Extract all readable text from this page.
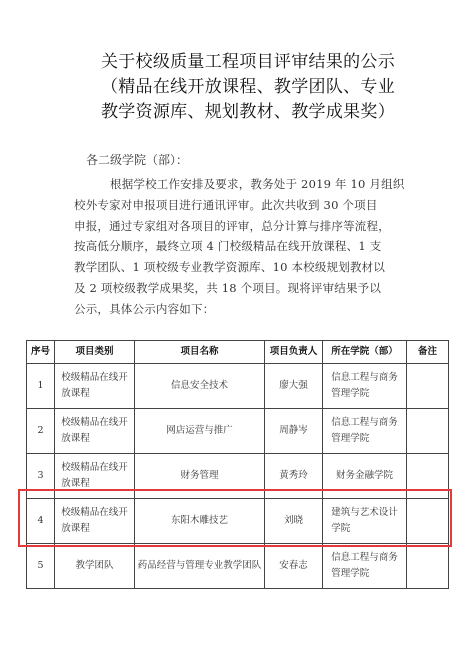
关于校级质量工程项目评审结果的公示
（精品在线开放课程、教学团队、专业
教学资源库、规划教材、教学成果奖）
各二级学院（部）：
根据学校工作安排及要求，教务处于 2019 年 10 月组织
校外专家对申报项目进行通讯评审。此次共收到 30 个项目
申报，通过专家组对各项目的评审，总分计算与排序等流程，
按高低分顺序，最终立项 4 门校级精品在线开放课程、1 支
教学团队、1 项校级专业教学资源库、10 本校级规划教材以
及 2 项校级教学成果奖，共 18 个项目。现将评审结果予以
公示，具体公示内容如下：
序号	项目类别	项目名称	项目负责人	所在学院（部）	备注
1	校级精品在线开
放课程	信息安全技术	廖大强	信息工程与商务
管理学院	
2	校级精品在线开
放课程	网店运营与推广	周静岑	信息工程与商务
管理学院	
3	校级精品在线开
放课程	财务管理	黄秀玲	财务金融学院	
4	校级精品在线开
放课程	东阳木雕技艺	刘晓	建筑与艺术设计
学院	
5	教学团队	药品经营与管理专业教学团队	安春志	信息工程与商务
管理学院	
